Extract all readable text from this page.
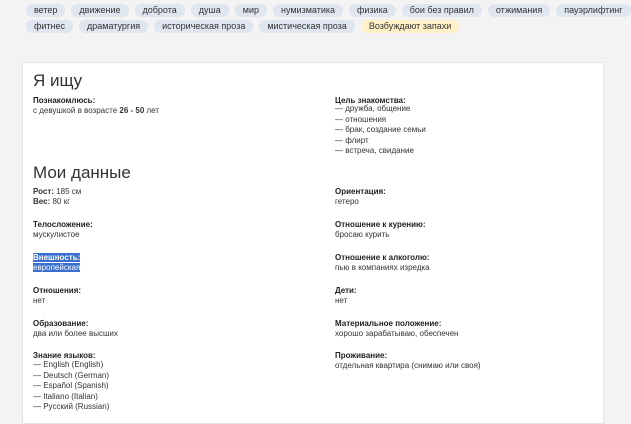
ветер	движение	доброта	душа	мир	нумизматика	физика	бои без правил	отжимания	пауэрлифтинг
фитнес	драматургия	историческая проза	мистическая проза	Возбуждают запахи
Я ищу
Познакомлюсь:
с девушкой в возрасте 26 - 50 лет
Цель знакомства:
— дружба, общение
— отношения
— брак, создание семьи
— флирт
— встреча, свидание
Мои данные
Рост: 185 см
Вес: 80 кг
Ориентация:
гетеро
Телосложение:
мускулистое
Отношение к курению:
бросаю курить
Внешность:
европейская
Отношение к алкоголю:
пью в компаниях изредка
Отношения:
нет
Дети:
нет
Образование:
два или более высших
Материальное положение:
хорошо зарабатываю, обеспечен
Знание языков:
— English (English)
— Deutsch (German)
— Español (Spanish)
— Italiano (Italian)
— Русский (Russian)
Проживание:
отдельная квартира (снимаю или своя)
